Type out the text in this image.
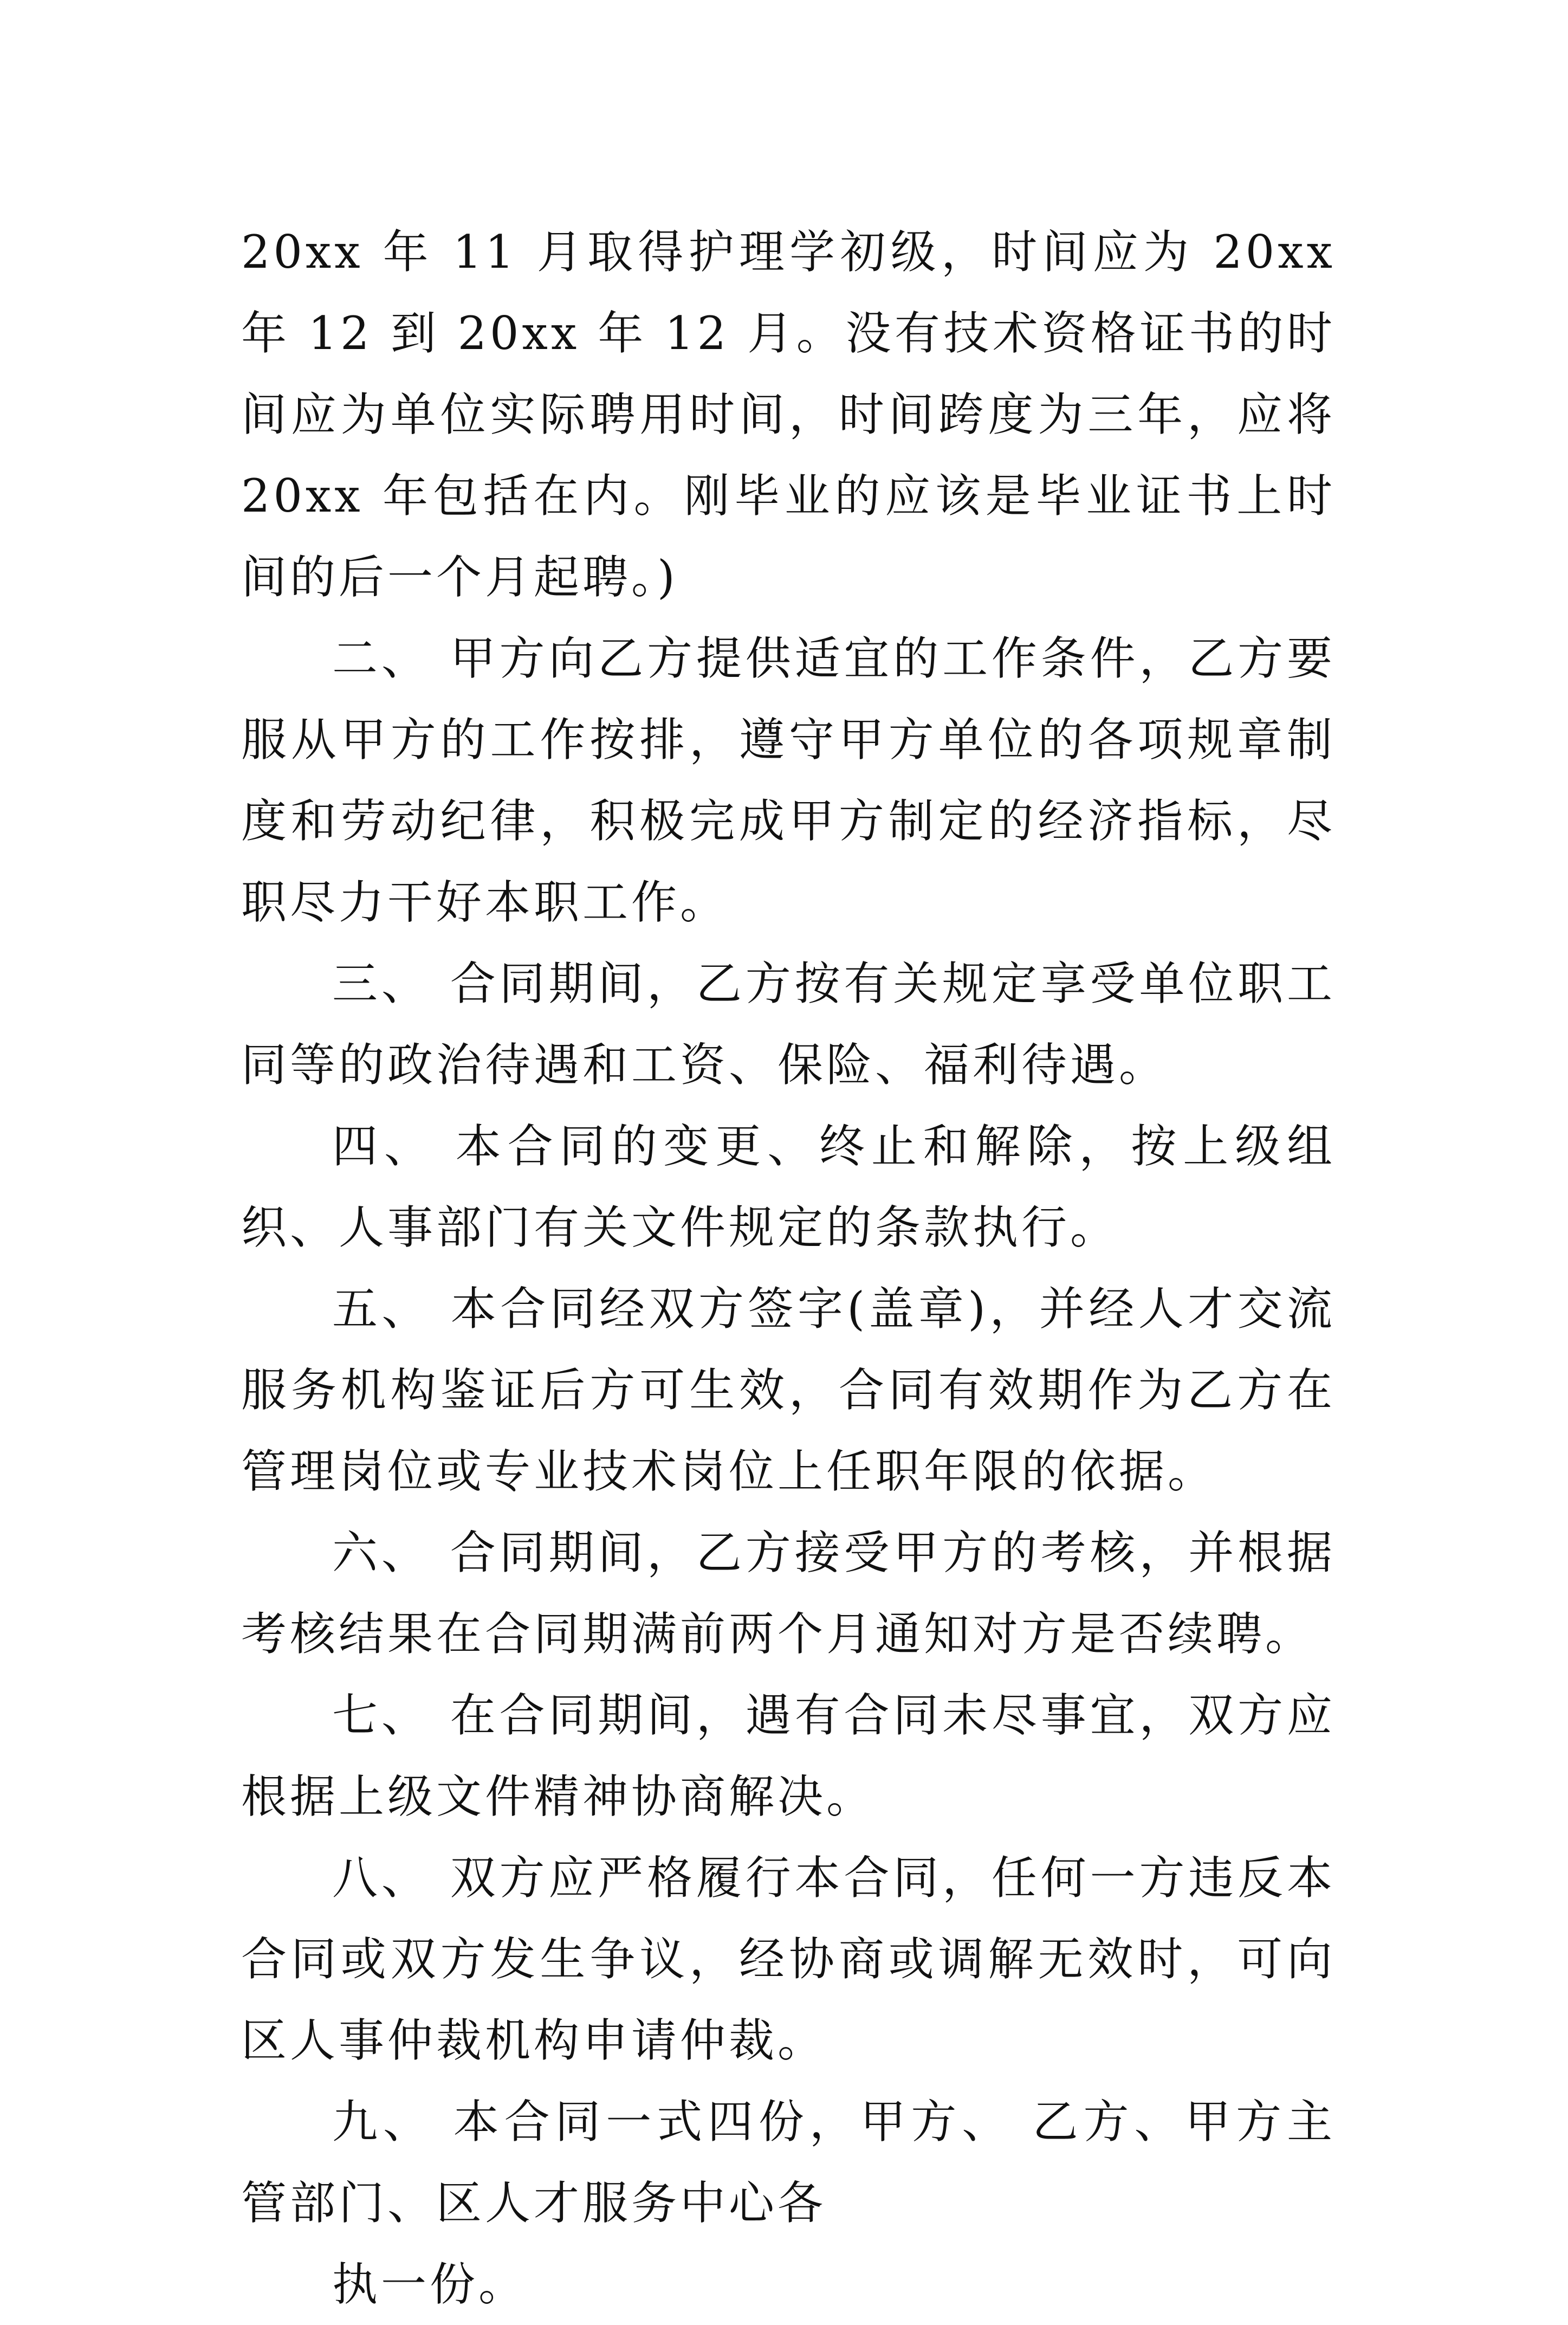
20xx 年 11 月取得护理学初级，时间应为 20xx 年 12 到 20xx 年 12 月。没有技术资格证书的时间应为单位实际聘用时间，时间跨度为三年，应将 20xx 年包括在内。刚毕业的应该是毕业证书上时间的后一个月起聘。)

二、 甲方向乙方提供适宜的工作条件，乙方要服从甲方的工作按排，遵守甲方单位的各项规章制度和劳动纪律，积极完成甲方制定的经济指标，尽职尽力干好本职工作。

三、 合同期间，乙方按有关规定享受单位职工同等的政治待遇和工资、保险、福利待遇。

四、 本合同的变更、终止和解除，按上级组织、人事部门有关文件规定的条款执行。

五、 本合同经双方签字(盖章)，并经人才交流服务机构鉴证后方可生效，合同有效期作为乙方在管理岗位或专业技术岗位上任职年限的依据。

六、 合同期间，乙方接受甲方的考核，并根据考核结果在合同期满前两个月通知对方是否续聘。

七、 在合同期间，遇有合同未尽事宜，双方应根据上级文件精神协商解决。

八、 双方应严格履行本合同，任何一方违反本合同或双方发生争议，经协商或调解无效时，可向区人事仲裁机构申请仲裁。

九、 本合同一式四份，甲方、 乙方、甲方主管部门、区人才服务中心各

执一份。
